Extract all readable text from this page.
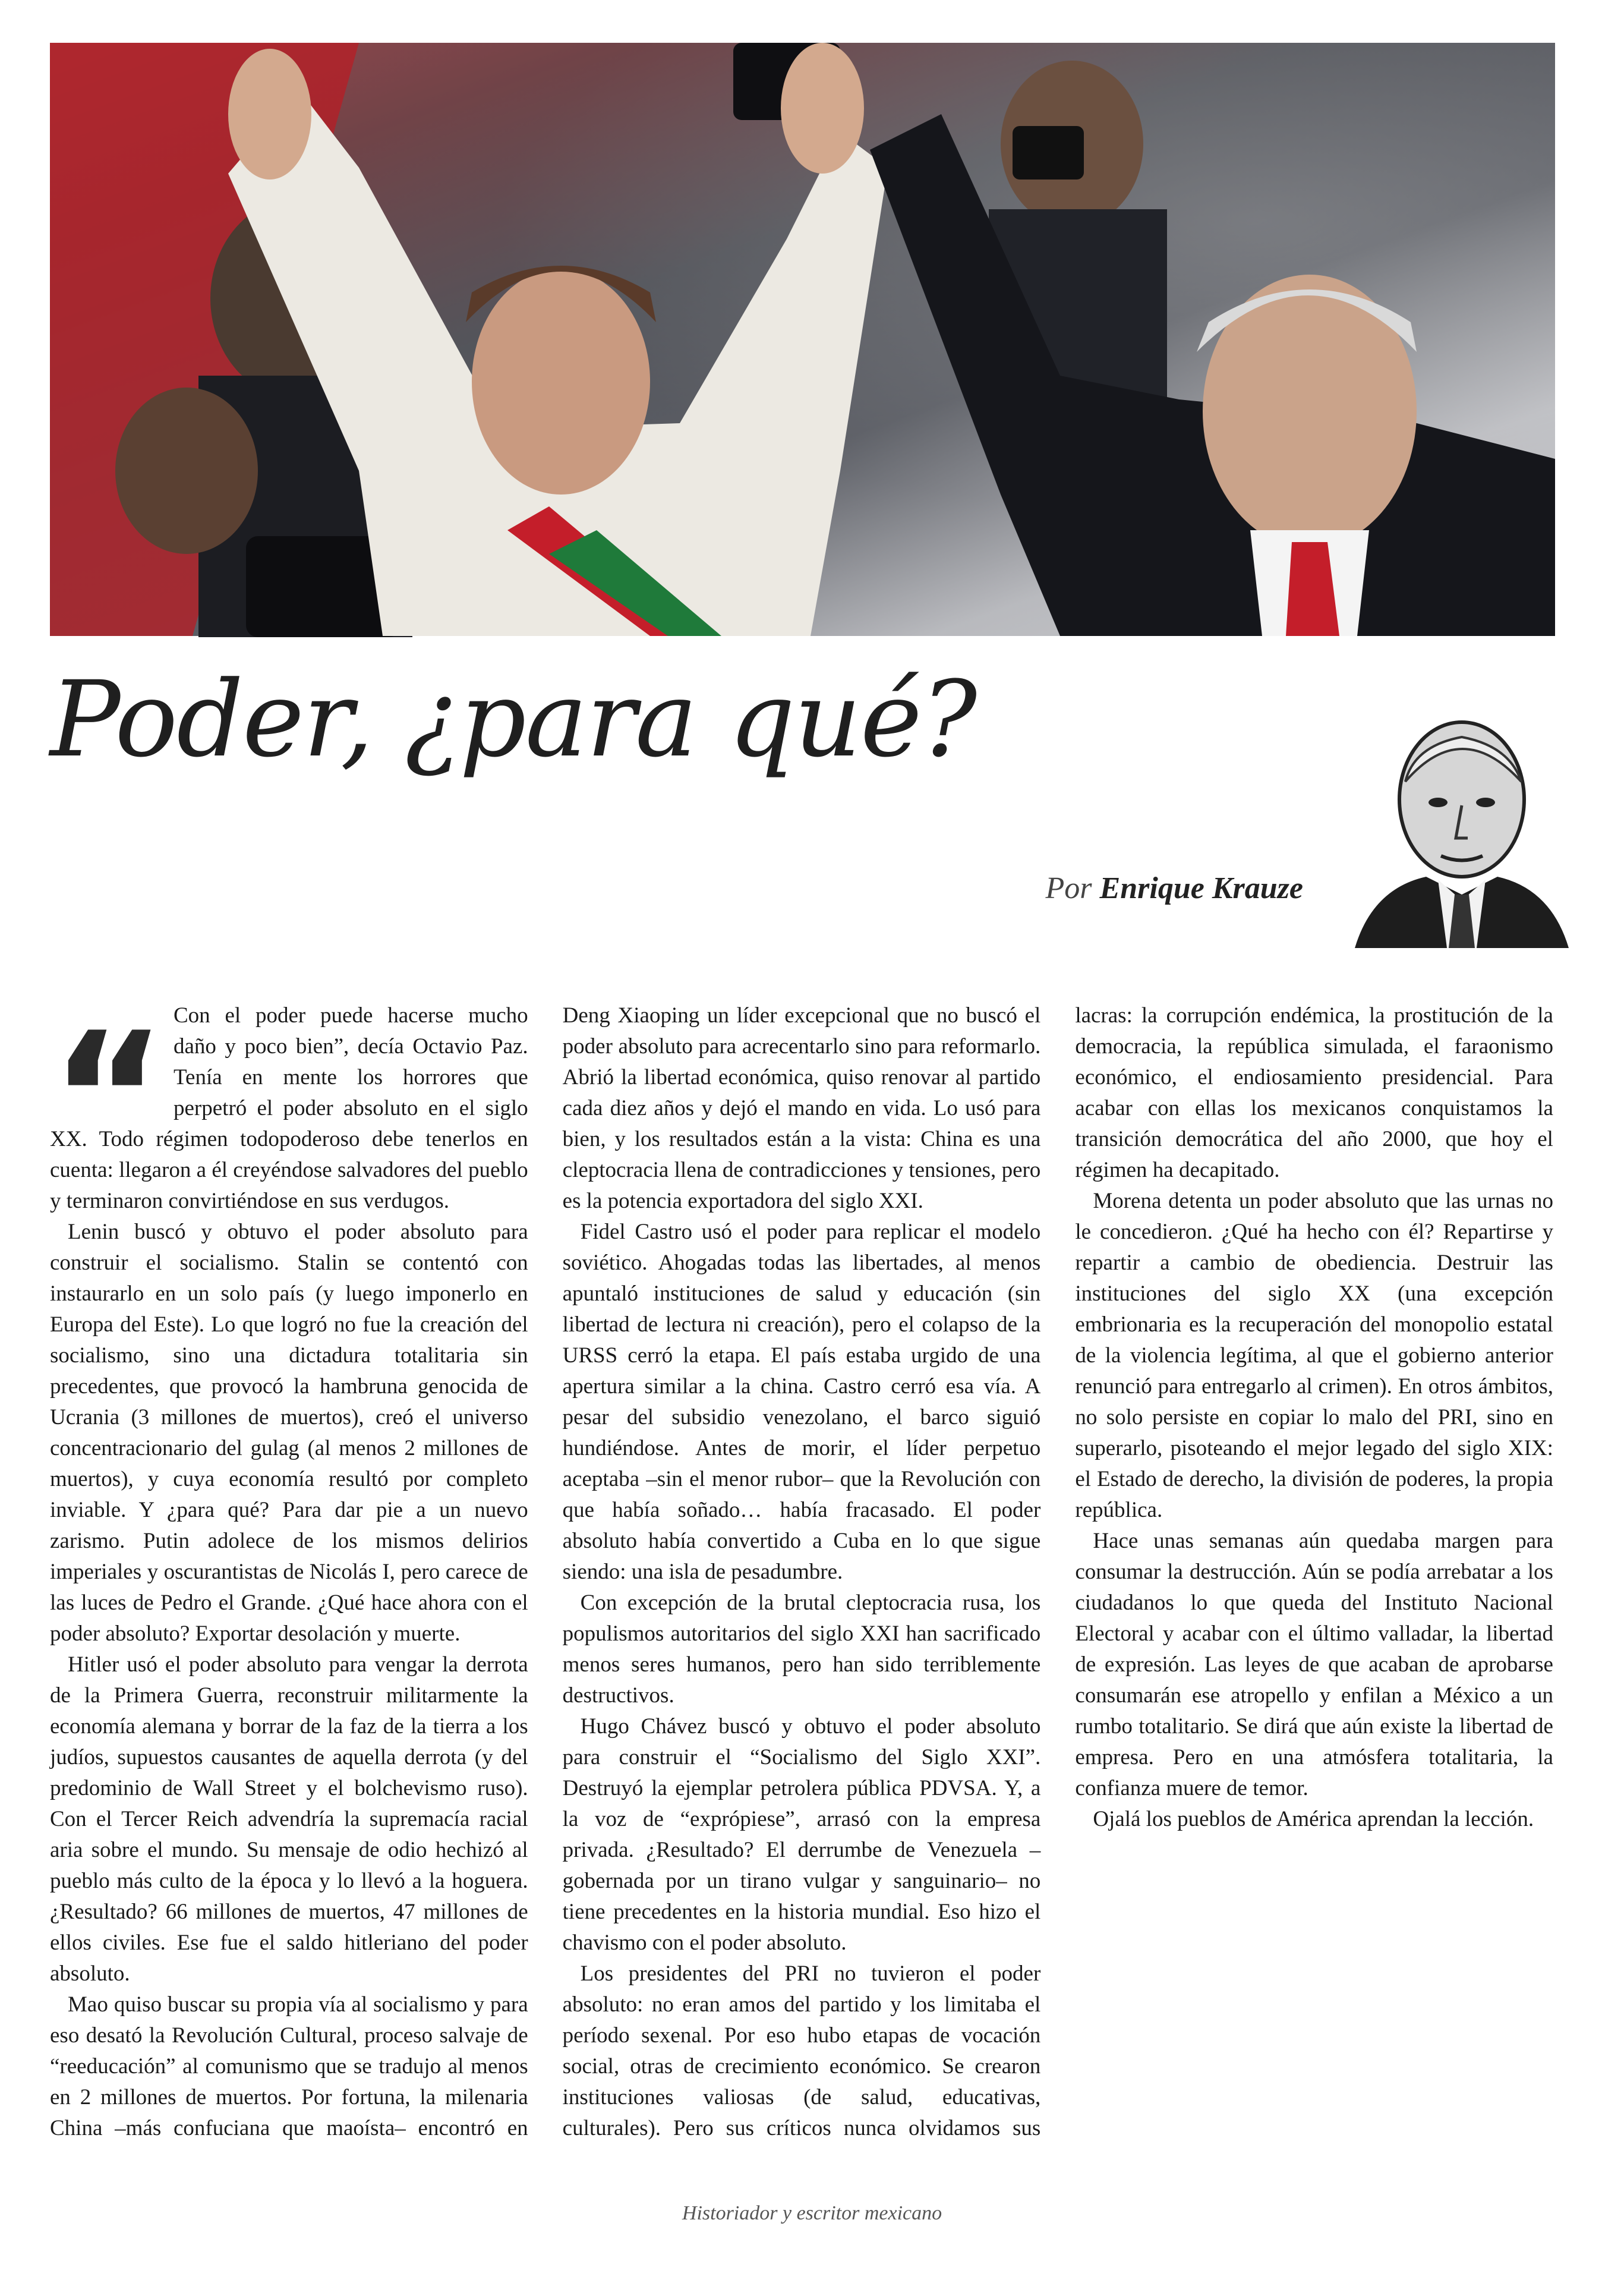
Poder, ¿para qué?
Por Enrique Krauze

“ Con el poder puede hacerse mucho daño y poco bien”, decía Octavio Paz. Tenía en mente los horrores que perpetró el poder absoluto en el siglo XX. Todo régimen todopoderoso debe tenerlos en cuenta: llegaron a él creyéndose salvadores del pueblo y terminaron convirtiéndose en sus verdugos.

Lenin buscó y obtuvo el poder absoluto para construir el socialismo. Stalin se contentó con instaurarlo en un solo país (y luego imponerlo en Europa del Este). Lo que logró no fue la creación del socialismo, sino una dictadura totalitaria sin precedentes, que provocó la hambruna genocida de Ucrania (3 millones de muertos), creó el universo concentracionario del gulag (al menos 2 millones de muertos), y cuya economía resultó por completo inviable. Y ¿para qué? Para dar pie a un nuevo zarismo. Putin adolece de los mismos delirios imperiales y oscurantistas de Nicolás I, pero carece de las luces de Pedro el Grande. ¿Qué hace ahora con el poder absoluto? Exportar desolación y muerte.

Hitler usó el poder absoluto para vengar la derrota de la Primera Guerra, reconstruir militarmente la economía alemana y borrar de la faz de la tierra a los judíos, supuestos causantes de aquella derrota (y del predominio de Wall Street y el bolchevismo ruso). Con el Tercer Reich advendría la supremacía racial aria sobre el mundo. Su mensaje de odio hechizó al pueblo más culto de la época y lo llevó a la hoguera. ¿Resultado? 66 millones de muertos, 47 millones de ellos civiles. Ese fue el saldo hitleriano del poder absoluto.

Mao quiso buscar su propia vía al socialismo y para eso desató la Revolución Cultural, proceso salvaje de “reeducación” al comunismo que se tradujo al menos en 2 millones de muertos. Por fortuna, la milenaria China –más confuciana que maoísta– encontró en Deng Xiaoping un líder excepcional que no buscó el poder absoluto para acrecentarlo sino para reformarlo. Abrió la libertad económica, quiso renovar al partido cada diez años y dejó el mando en vida. Lo usó para bien, y los resultados están a la vista: China es una cleptocracia llena de contradicciones y tensiones, pero es la potencia exportadora del siglo XXI.

Fidel Castro usó el poder para replicar el modelo soviético. Ahogadas todas las libertades, al menos apuntaló instituciones de salud y educación (sin libertad de lectura ni creación), pero el colapso de la URSS cerró la etapa. El país estaba urgido de una apertura similar a la china. Castro cerró esa vía. A pesar del subsidio venezolano, el barco siguió hundiéndose. Antes de morir, el líder perpetuo aceptaba –sin el menor rubor– que la Revolución con que había soñado… había fracasado. El poder absoluto había convertido a Cuba en lo que sigue siendo: una isla de pesadumbre.

Con excepción de la brutal cleptocracia rusa, los populismos autoritarios del siglo XXI han sacrificado menos seres humanos, pero han sido terriblemente destructivos.

Hugo Chávez buscó y obtuvo el poder absoluto para construir el “Socialismo del Siglo XXI”. Destruyó la ejemplar petrolera pública PDVSA. Y, a la voz de “exprópiese”, arrasó con la empresa privada. ¿Resultado? El derrumbe de Venezuela –gobernada por un tirano vulgar y sanguinario– no tiene precedentes en la historia mundial. Eso hizo el chavismo con el poder absoluto.

Los presidentes del PRI no tuvieron el poder absoluto: no eran amos del partido y los limitaba el período sexenal. Por eso hubo etapas de vocación social, otras de crecimiento económico. Se crearon instituciones valiosas (de salud, educativas, culturales). Pero sus críticos nunca olvidamos sus lacras: la corrupción endémica, la prostitución de la democracia, la república simulada, el faraonismo económico, el endiosamiento presidencial. Para acabar con ellas los mexicanos conquistamos la transición democrática del año 2000, que hoy el régimen ha decapitado.

Morena detenta un poder absoluto que las urnas no le concedieron. ¿Qué ha hecho con él? Repartirse y repartir a cambio de obediencia. Destruir las instituciones del siglo XX (una excepción embrionaria es la recuperación del monopolio estatal de la violencia legítima, al que el gobierno anterior renunció para entregarlo al crimen). En otros ámbitos, no solo persiste en copiar lo malo del PRI, sino en superarlo, pisoteando el mejor legado del siglo XIX: el Estado de derecho, la división de poderes, la propia república.

Hace unas semanas aún quedaba margen para consumar la destrucción. Aún se podía arrebatar a los ciudadanos lo que queda del Instituto Nacional Electoral y acabar con el último valladar, la libertad de expresión. Las leyes de que acaban de aprobarse consumarán ese atropello y enfilan a México a un rumbo totalitario. Se dirá que aún existe la libertad de empresa. Pero en una atmósfera totalitaria, la confianza muere de temor.

Ojalá los pueblos de América aprendan la lección.

Historiador y escritor mexicano
